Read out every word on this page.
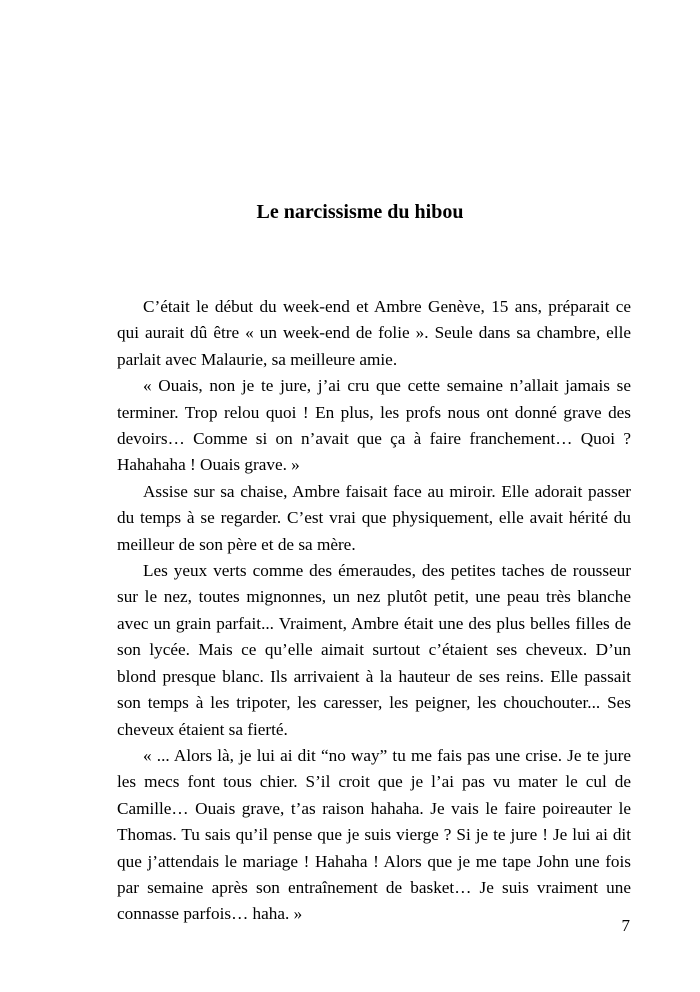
Le narcissisme du hibou

C’était le début du week-end et Ambre Genève, 15 ans, préparait ce qui aurait dû être « un week-end de folie ». Seule dans sa chambre, elle parlait avec Malaurie, sa meilleure amie.

« Ouais, non je te jure, j’ai cru que cette semaine n’allait jamais se terminer. Trop relou quoi ! En plus, les profs nous ont donné grave des devoirs… Comme si on n’avait que ça à faire franchement… Quoi ? Hahahaha ! Ouais grave. »

Assise sur sa chaise, Ambre faisait face au miroir. Elle adorait passer du temps à se regarder. C’est vrai que physiquement, elle avait hérité du meilleur de son père et de sa mère.

Les yeux verts comme des émeraudes, des petites taches de rousseur sur le nez, toutes mignonnes, un nez plutôt petit, une peau très blanche avec un grain parfait... Vraiment, Ambre était une des plus belles filles de son lycée. Mais ce qu’elle aimait surtout c’étaient ses cheveux. D’un blond presque blanc. Ils arrivaient à la hauteur de ses reins. Elle passait son temps à les tripoter, les caresser, les peigner, les chouchouter... Ses cheveux étaient sa fierté.

« ... Alors là, je lui ai dit “no way” tu me fais pas une crise. Je te jure les mecs font tous chier. S’il croit que je l’ai pas vu mater le cul de Camille… Ouais grave, t’as raison hahaha. Je vais le faire poireauter le Thomas. Tu sais qu’il pense que je suis vierge ? Si je te jure ! Je lui ai dit que j’attendais le mariage ! Hahaha ! Alors que je me tape John une fois par semaine après son entraînement de basket… Je suis vraiment une connasse parfois… haha. »

7
